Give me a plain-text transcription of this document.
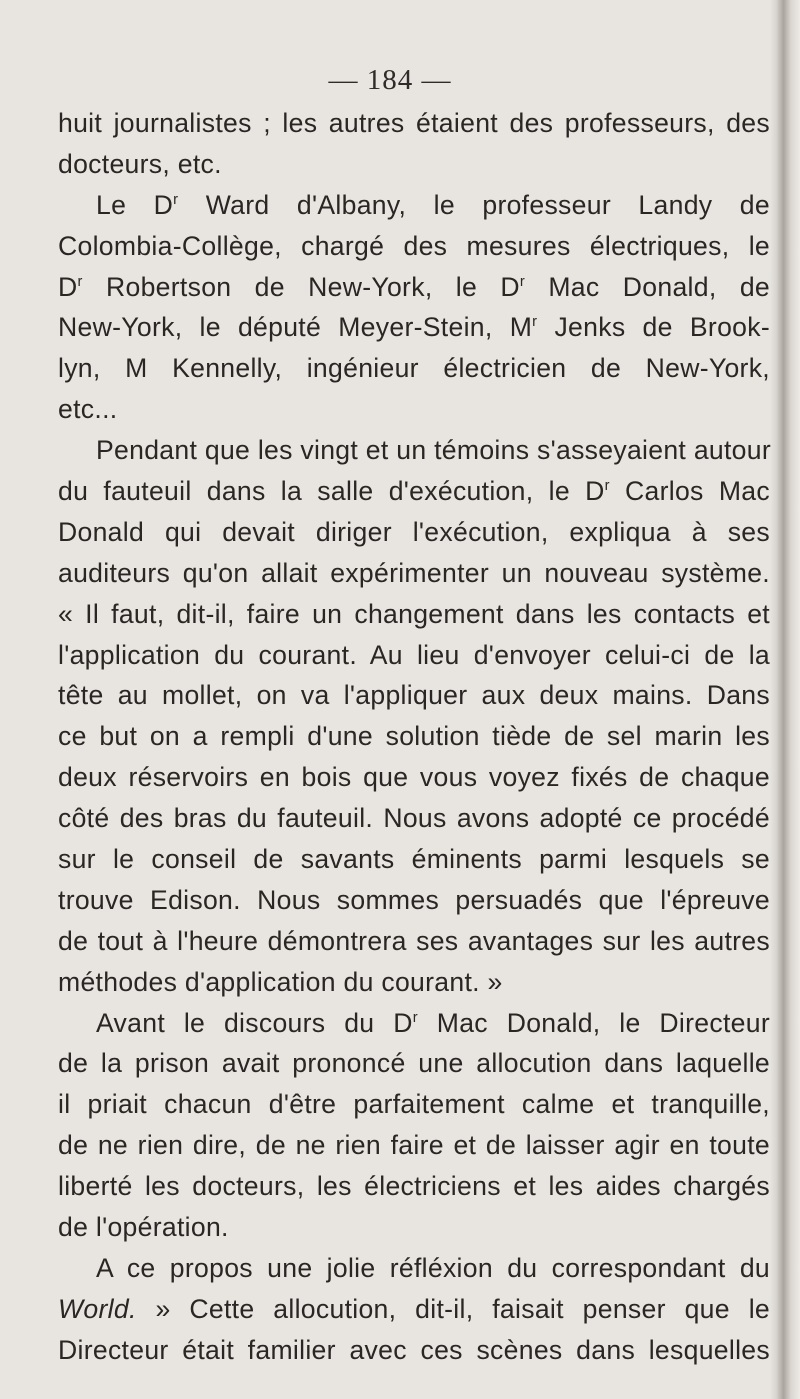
— 184 —
huit journalistes ; les autres étaient des professeurs, des
docteurs, etc.
Le $D^r$ Ward d'Albany, le professeur Landy de
Colombia-Collège, chargé des mesures électriques, le
$D^r$ Robertson de New-York, le $D^r$ Mac Donald, de
New-York, le député Meyer-Stein, $M^r$ Jenks de Brook-
lyn, M Kennelly, ingénieur électricien de New-York,
etc...
Pendant que les vingt et un témoins s'asseyaient autour
du fauteuil dans la salle d'exécution, le $D^r$ Carlos Mac
Donald qui devait diriger l'exécution, expliqua à ses
auditeurs qu'on allait expérimenter un nouveau système.
« Il faut, dit-il, faire un changement dans les contacts et
l'application du courant. Au lieu d'envoyer celui-ci de la
tête au mollet, on va l'appliquer aux deux mains. Dans
ce but on a rempli d'une solution tiède de sel marin les
deux réservoirs en bois que vous voyez fixés de chaque
côté des bras du fauteuil. Nous avons adopté ce procédé
sur le conseil de savants éminents parmi lesquels se
trouve Edison. Nous sommes persuadés que l'épreuve
de tout à l'heure démontrera ses avantages sur les autres
méthodes d'application du courant. »
Avant le discours du $D^r$ Mac Donald, le Directeur
de la prison avait prononcé une allocution dans laquelle
il priait chacun d'être parfaitement calme et tranquille,
de ne rien dire, de ne rien faire et de laisser agir en toute
liberté les docteurs, les électriciens et les aides chargés
de l'opération.
A ce propos une jolie réfléxion du correspondant du
World. » Cette allocution, dit-il, faisait penser que le
Directeur était familier avec ces scènes dans lesquelles
